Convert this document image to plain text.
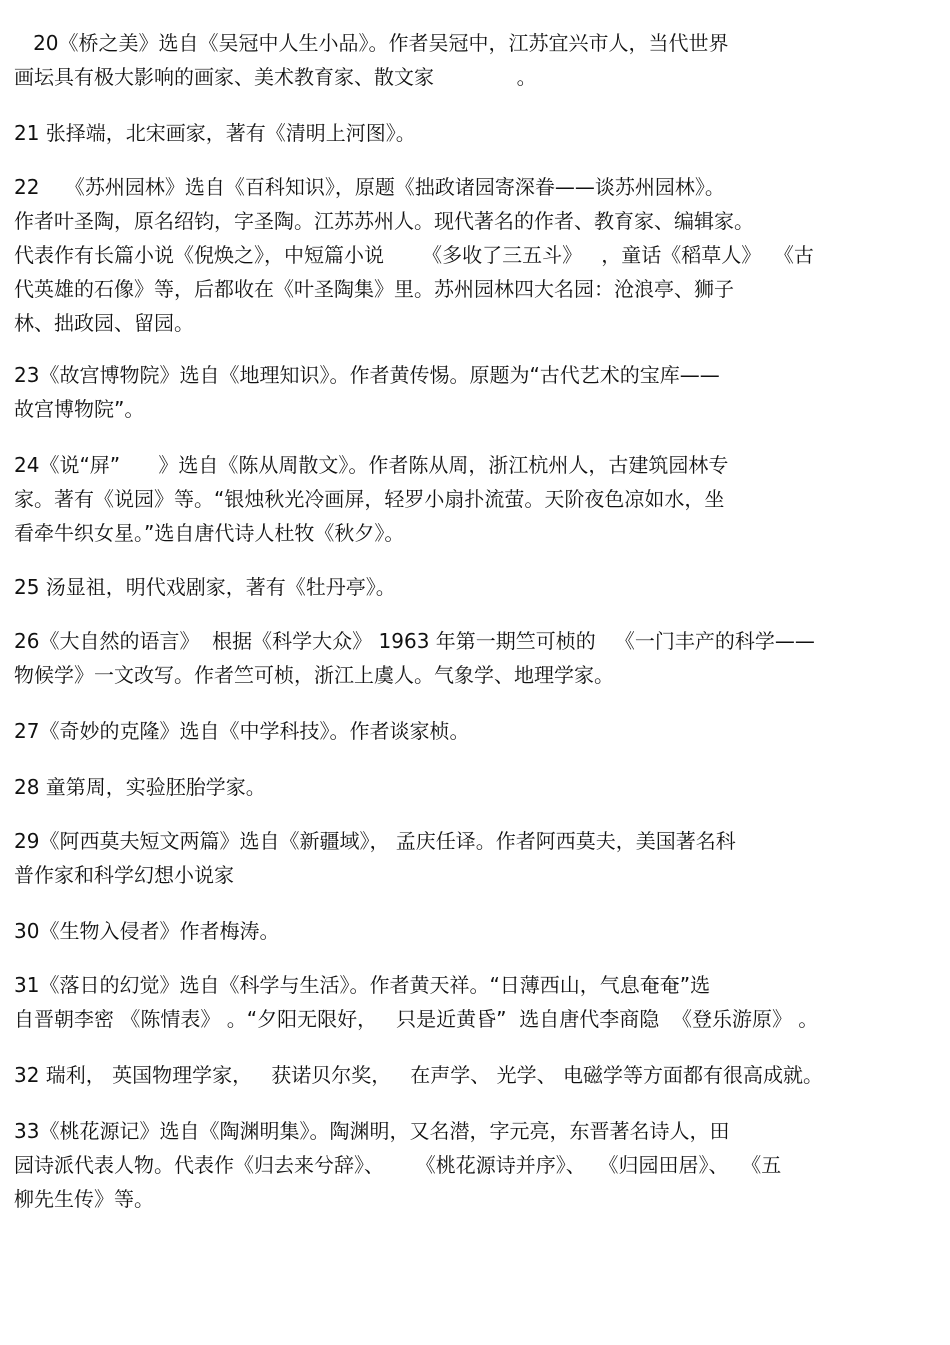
20《桥之美》选自《吴冠中人生小品》。作者吴冠中，江苏宜兴市人，当代世界
画坛具有极大影响的画家、美术教育家、散文家             。
21 张择端，北宋画家，著有《清明上河图》。
22    《苏州园林》选自《百科知识》，原题《拙政诸园寄深眷——谈苏州园林》。
作者叶圣陶，原名绍钧，字圣陶。江苏苏州人。现代著名的作者、教育家、编辑家。
代表作有长篇小说《倪焕之》，中短篇小说      《多收了三五斗》   ，童话《稻草人》  《古
代英雄的石像》等，后都收在《叶圣陶集》里。苏州园林四大名园：沧浪亭、狮子
林、拙政园、留园。
23《故宫博物院》选自《地理知识》。作者黄传惕。原题为“古代艺术的宝库——
故宫博物院”。
24《说“屏”      》选自《陈从周散文》。作者陈从周，浙江杭州人，古建筑园林专
家。著有《说园》等。“银烛秋光冷画屏，轻罗小扇扑流萤。天阶夜色凉如水，坐
看牵牛织女星。”选自唐代诗人杜牧《秋夕》。
25 汤显祖，明代戏剧家，著有《牡丹亭》。
26《大自然的语言》  根据《科学大众》 1963 年第一期竺可桢的   《一门丰产的科学——
物候学》一文改写。作者竺可桢，浙江上虞人。气象学、地理学家。
27《奇妙的克隆》选自《中学科技》。作者谈家桢。
28 童第周，实验胚胎学家。
29《阿西莫夫短文两篇》选自《新疆域》， 孟庆任译。作者阿西莫夫，美国著名科
普作家和科学幻想小说家
30《生物入侵者》作者梅涛。
31《落日的幻觉》选自《科学与生活》。作者黄天祥。“日薄西山，气息奄奄”选
自晋朝李密 《陈情表》 。“夕阳无限好，   只是近黄昏”  选自唐代李商隐  《登乐游原》 。
32 瑞利， 英国物理学家，   获诺贝尔奖，   在声学、 光学、 电磁学等方面都有很高成就。
33《桃花源记》选自《陶渊明集》。陶渊明，又名潜，字元亮，东晋著名诗人，田
园诗派代表人物。代表作《归去来兮辞》、     《桃花源诗并序》、  《归园田居》、  《五
柳先生传》等。
